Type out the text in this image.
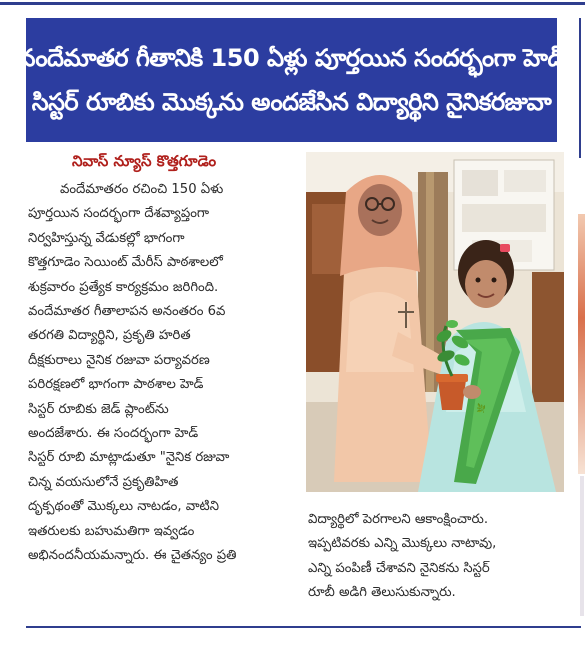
వందేమాతర గీతానికి 150 ఏళ్లు పూర్తయిన సందర్భంగా హెడ్
సిస్టర్ రూబికు మొక్కను అందజేసిన విద్యార్థిని నైనికరజువా
నివాస్ న్యూస్ కొత్తగూడెం
వందేమాతరం రచించి 150 ఏళు
పూర్తయిన సందర్భంగా దేశవ్యాప్తంగా
నిర్వహిస్తున్న వేడుకల్లో భాగంగా
కొత్తగూడెం సెయింట్ మేరీస్ పాఠశాలలో
శుక్రవారం ప్రత్యేక కార్యక్రమం జరిగింది.
వందేమాతర గీతాలాపన అనంతరం 6వ
తరగతి విద్యార్థిని, ప్రకృతి హరిత
దీక్షకురాలు నైనిక రజువా పర్యావరణ
పరిరక్షణలో భాగంగా పాఠశాల హెడ్
సిస్టర్ రూబికు జెడ్ ప్లాంట్‌ను
అందజేశారు. ఈ సందర్భంగా హెడ్
సిస్టర్ రూబి మాట్లాడుతూ "నైనిక రజువా
చిన్న వయసులోనే ప్రకృతిహిత
దృక్పథంతో మొక్కలు నాటడం, వాటిని
ఇతరులకు బహుమతిగా ఇవ్వడం
అభినందనీయమన్నారు. ఈ చైతన్యం ప్రతి
🌿
విద్యార్థిలో పెరగాలని ఆకాంక్షించారు.
ఇప్పటివరకు ఎన్ని మొక్కలు నాటావు,
ఎన్ని పంపిణీ చేశావని నైనికను సిస్టర్
రూబీ అడిగి తెలుసుకున్నారు.
